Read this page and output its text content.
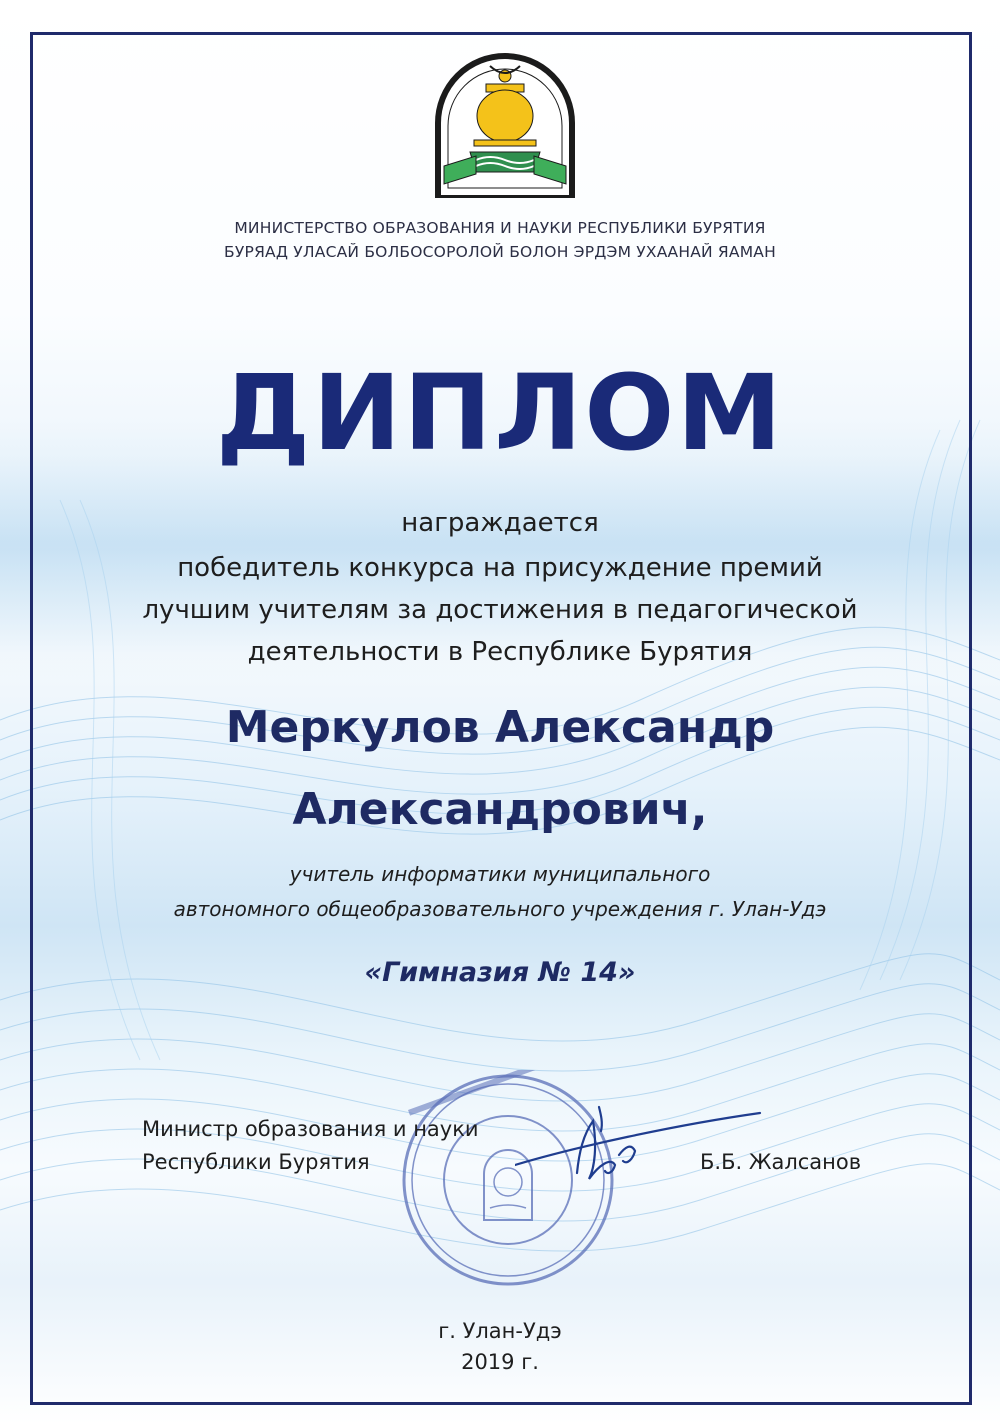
МИНИСТЕРСТВО ОБРАЗОВАНИЯ И НАУКИ РЕСПУБЛИКИ БУРЯТИЯ
БУРЯАД УЛАСАЙ БОЛБОСОРОЛОЙ БОЛОН ЭРДЭМ УХААНАЙ ЯАМАН
ДИПЛОМ
награждается
победитель конкурса на присуждение премий
лучшим учителям за достижения в педагогической
деятельности в Республике Бурятия
Меркулов Александр
Александрович,
учитель информатики муниципального
автономного общеобразовательного учреждения г. Улан-Удэ
«Гимназия № 14»
Министр образования и науки
Республики Бурятия	Б.Б. Жалсанов
г. Улан-Удэ
2019 г.
